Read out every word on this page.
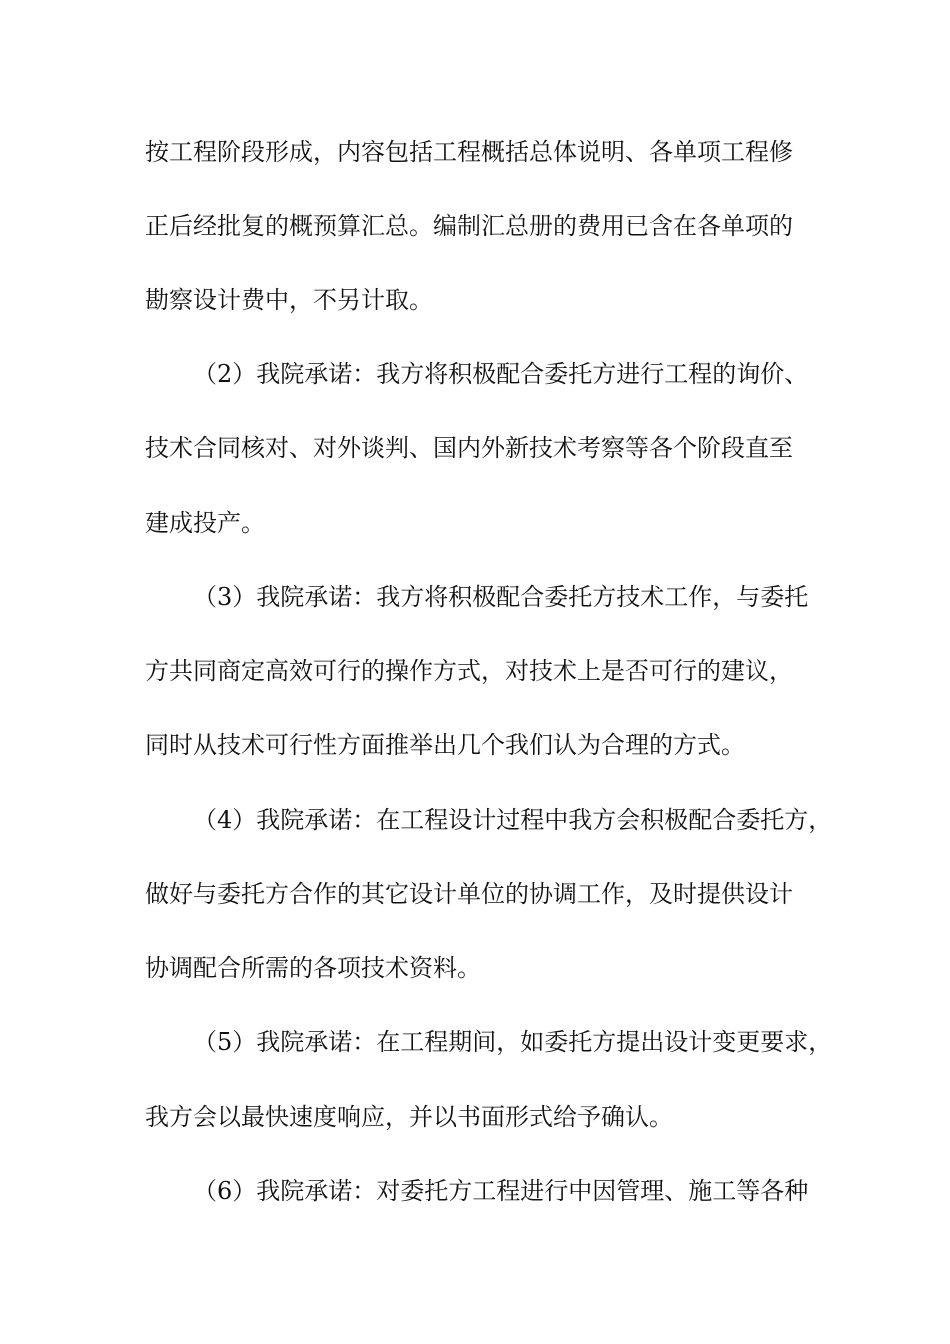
按工程阶段形成，内容包括工程概括总体说明、各单项工程修
正后经批复的概预算汇总。编制汇总册的费用已含在各单项的
勘察设计费中，不另计取。
（2）我院承诺：我方将积极配合委托方进行工程的询价、
技术合同核对、对外谈判、国内外新技术考察等各个阶段直至
建成投产。
（3）我院承诺：我方将积极配合委托方技术工作，与委托
方共同商定高效可行的操作方式，对技术上是否可行的建议，
同时从技术可行性方面推举出几个我们认为合理的方式。
（4）我院承诺：在工程设计过程中我方会积极配合委托方，
做好与委托方合作的其它设计单位的协调工作，及时提供设计
协调配合所需的各项技术资料。
（5）我院承诺：在工程期间，如委托方提出设计变更要求，
我方会以最快速度响应，并以书面形式给予确认。
（6）我院承诺：对委托方工程进行中因管理、施工等各种
